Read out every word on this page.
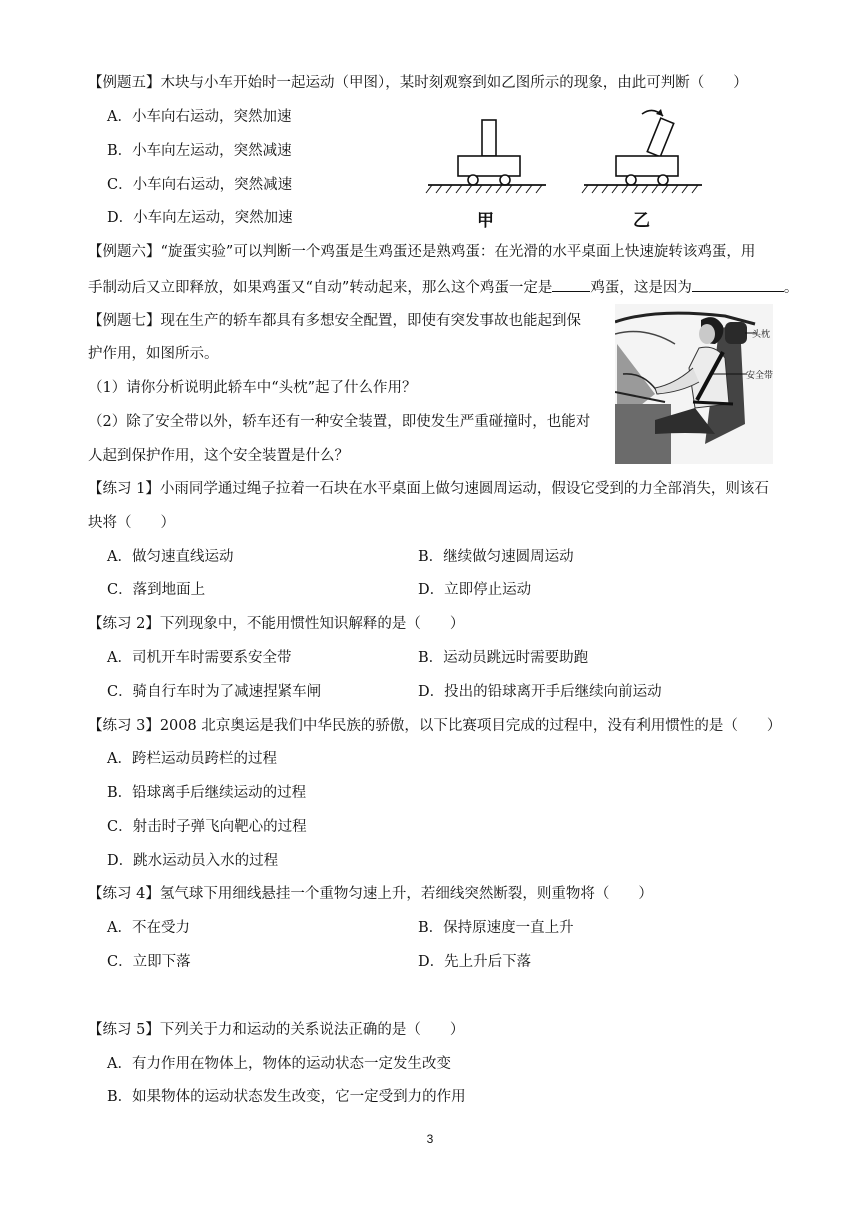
【例题五】木块与小车开始时一起运动（甲图），某时刻观察到如乙图所示的现象，由此可判断（　　）
A．小车向右运动，突然加速
B．小车向左运动，突然减速
C．小车向右运动，突然减速
D．小车向左运动，突然加速	甲	乙
【例题六】“旋蛋实验”可以判断一个鸡蛋是生鸡蛋还是熟鸡蛋：在光滑的水平桌面上快速旋转该鸡蛋，用
手制动后又立即释放，如果鸡蛋又“自动”转动起来，那么这个鸡蛋一定是	鸡蛋，这是因为	。
【例题七】现在生产的轿车都具有多想安全配置，即使有突发事故也能起到保
护作用，如图所示。
（1）请你分析说明此轿车中“头枕”起了什么作用？
（2）除了安全带以外，轿车还有一种安全装置，即使发生严重碰撞时，也能对
人起到保护作用，这个安全装置是什么？
头枕
安全带
【练习 1】小雨同学通过绳子拉着一石块在水平桌面上做匀速圆周运动，假设它受到的力全部消失，则该石
块将（　　）
A．做匀速直线运动	B．继续做匀速圆周运动
C．落到地面上	D．立即停止运动
【练习 2】下列现象中，不能用惯性知识解释的是（　　）
A．司机开车时需要系安全带	B．运动员跳远时需要助跑
C．骑自行车时为了减速捏紧车闸	D．投出的铅球离开手后继续向前运动
【练习 3】2008 北京奥运是我们中华民族的骄傲，以下比赛项目完成的过程中，没有利用惯性的是（　　）
A．跨栏运动员跨栏的过程
B．铅球离手后继续运动的过程
C．射击时子弹飞向靶心的过程
D．跳水运动员入水的过程
【练习 4】氢气球下用细线悬挂一个重物匀速上升，若细线突然断裂，则重物将（　　）
A．不在受力	B．保持原速度一直上升
C．立即下落	D．先上升后下落
【练习 5】下列关于力和运动的关系说法正确的是（　　）
A．有力作用在物体上，物体的运动状态一定发生改变
B．如果物体的运动状态发生改变，它一定受到力的作用
3
